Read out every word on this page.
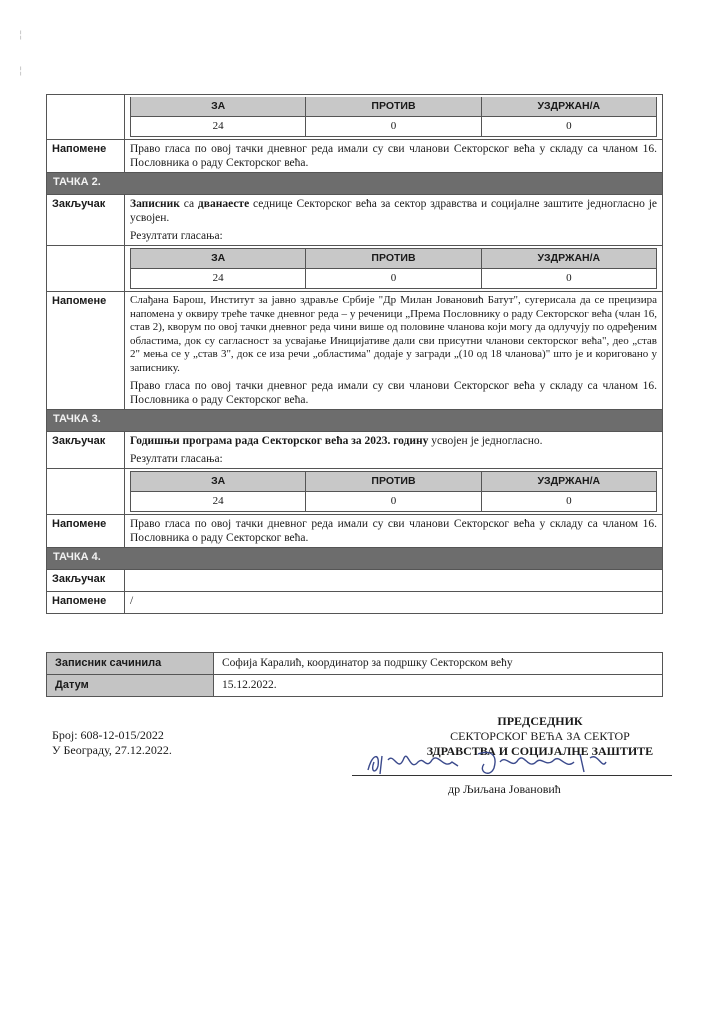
╎
╎

ЗА	ПРОТИВ	УЗДРЖАН/А
24	0	0

Напомене	Право гласа по овој тачки дневног реда имали су сви чланови Секторског већа у складу са чланом 16. Пословника о раду Секторског већа.

ТАЧКА 2.
Закључак	Записник са дванаесте седнице Секторског већа за сектор здравства и социјалне заштите једногласно је усвојен.

Резултати гласања:

ЗА	ПРОТИВ	УЗДРЖАН/А
24	0	0

Напомене	Слађана Барош, Институт за јавно здравље Србије "Др Милан Јовановић Батут", сугерисала да се прецизира напомена у оквиру треће тачке дневног реда – у реченици „Према Пословнику о раду Секторског већа (члан 16, став 2), кворум по овој тачки дневног реда чини више од половине чланова који могу да одлучују по одређеним областима, док су сагласност за усвајање Иницијативе дали сви присутни чланови секторског већа", део „став 2" мења се у „став 3", док се иза речи „областима" додаје у загради „(10 од 18 чланова)" што је и кориговано у записнику.

Право гласа по овој тачки дневног реда имали су сви чланови Секторског већа у складу са чланом 16. Пословника о раду Секторског већа.

ТАЧКА 3.
Закључак	Годишњи програма рада Секторског већа за 2023. годину усвојен је једногласно.

Резултати гласања:

ЗА	ПРОТИВ	УЗДРЖАН/А
24	0	0

Напомене	Право гласа по овој тачки дневног реда имали су сви чланови Секторског већа у складу са чланом 16. Пословника о раду Секторског већа.

ТАЧКА 4.
Закључак	
Напомене	/
Записник сачинила	Софија Каралић, координатор за подршку Секторском већу
Датум	15.12.2022.
Број: 608-12-015/2022
У Београду, 27.12.2022.
ПРЕДСЕДНИК
СЕКТОРСКОГ ВЕЋА ЗА СЕКТОР
ЗДРАВСТВА И СОЦИЈАЛНЕ ЗАШТИТЕ
др Љиљана Јовановић
